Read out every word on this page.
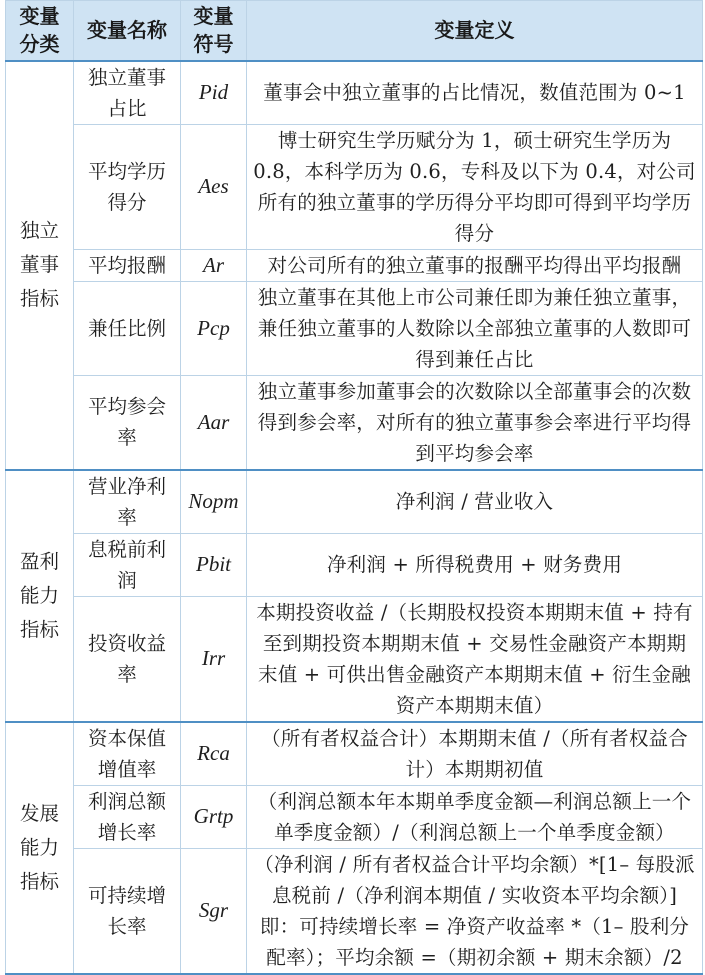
变量分类	变量名称	变量符号	变量定义
独立董事指标	独立董事占比	Pid	董事会中独立董事的占比情况，数值范围为 0~1
	平均学历得分	Aes	博士研究生学历赋分为 1，硕士研究生学历为 0.8，本科学历为 0.6，专科及以下为 0.4，对公司所有的独立董事的学历得分平均即可得到平均学历得分
	平均报酬	Ar	对公司所有的独立董事的报酬平均得出平均报酬
	兼任比例	Pcp	独立董事在其他上市公司兼任即为兼任独立董事，兼任独立董事的人数除以全部独立董事的人数即可得到兼任占比
	平均参会率	Aar	独立董事参加董事会的次数除以全部董事会的次数得到参会率，对所有的独立董事参会率进行平均得到平均参会率
盈利能力指标	营业净利率	Nopm	净利润 / 营业收入
	息税前利润	Pbit	净利润 + 所得税费用 + 财务费用
	投资收益率	Irr	本期投资收益 /（长期股权投资本期期末值 + 持有至到期投资本期期末值 + 交易性金融资产本期期末值 + 可供出售金融资产本期期末值 + 衍生金融资产本期期末值）
发展能力指标	资本保值增值率	Rca	（所有者权益合计）本期期末值 /（所有者权益合计）本期期初值
	利润总额增长率	Grtp	（利润总额本年本期单季度金额—利润总额上一个单季度金额）/（利润总额上一个单季度金额）
	可持续增长率	Sgr	（净利润 / 所有者权益合计平均余额）*[1– 每股派息税前 /（净利润本期值 / 实收资本平均余额）] 即：可持续增长率 = 净资产收益率 *（1– 股利分配率）；平均余额 =（期初余额 + 期末余额）/2
